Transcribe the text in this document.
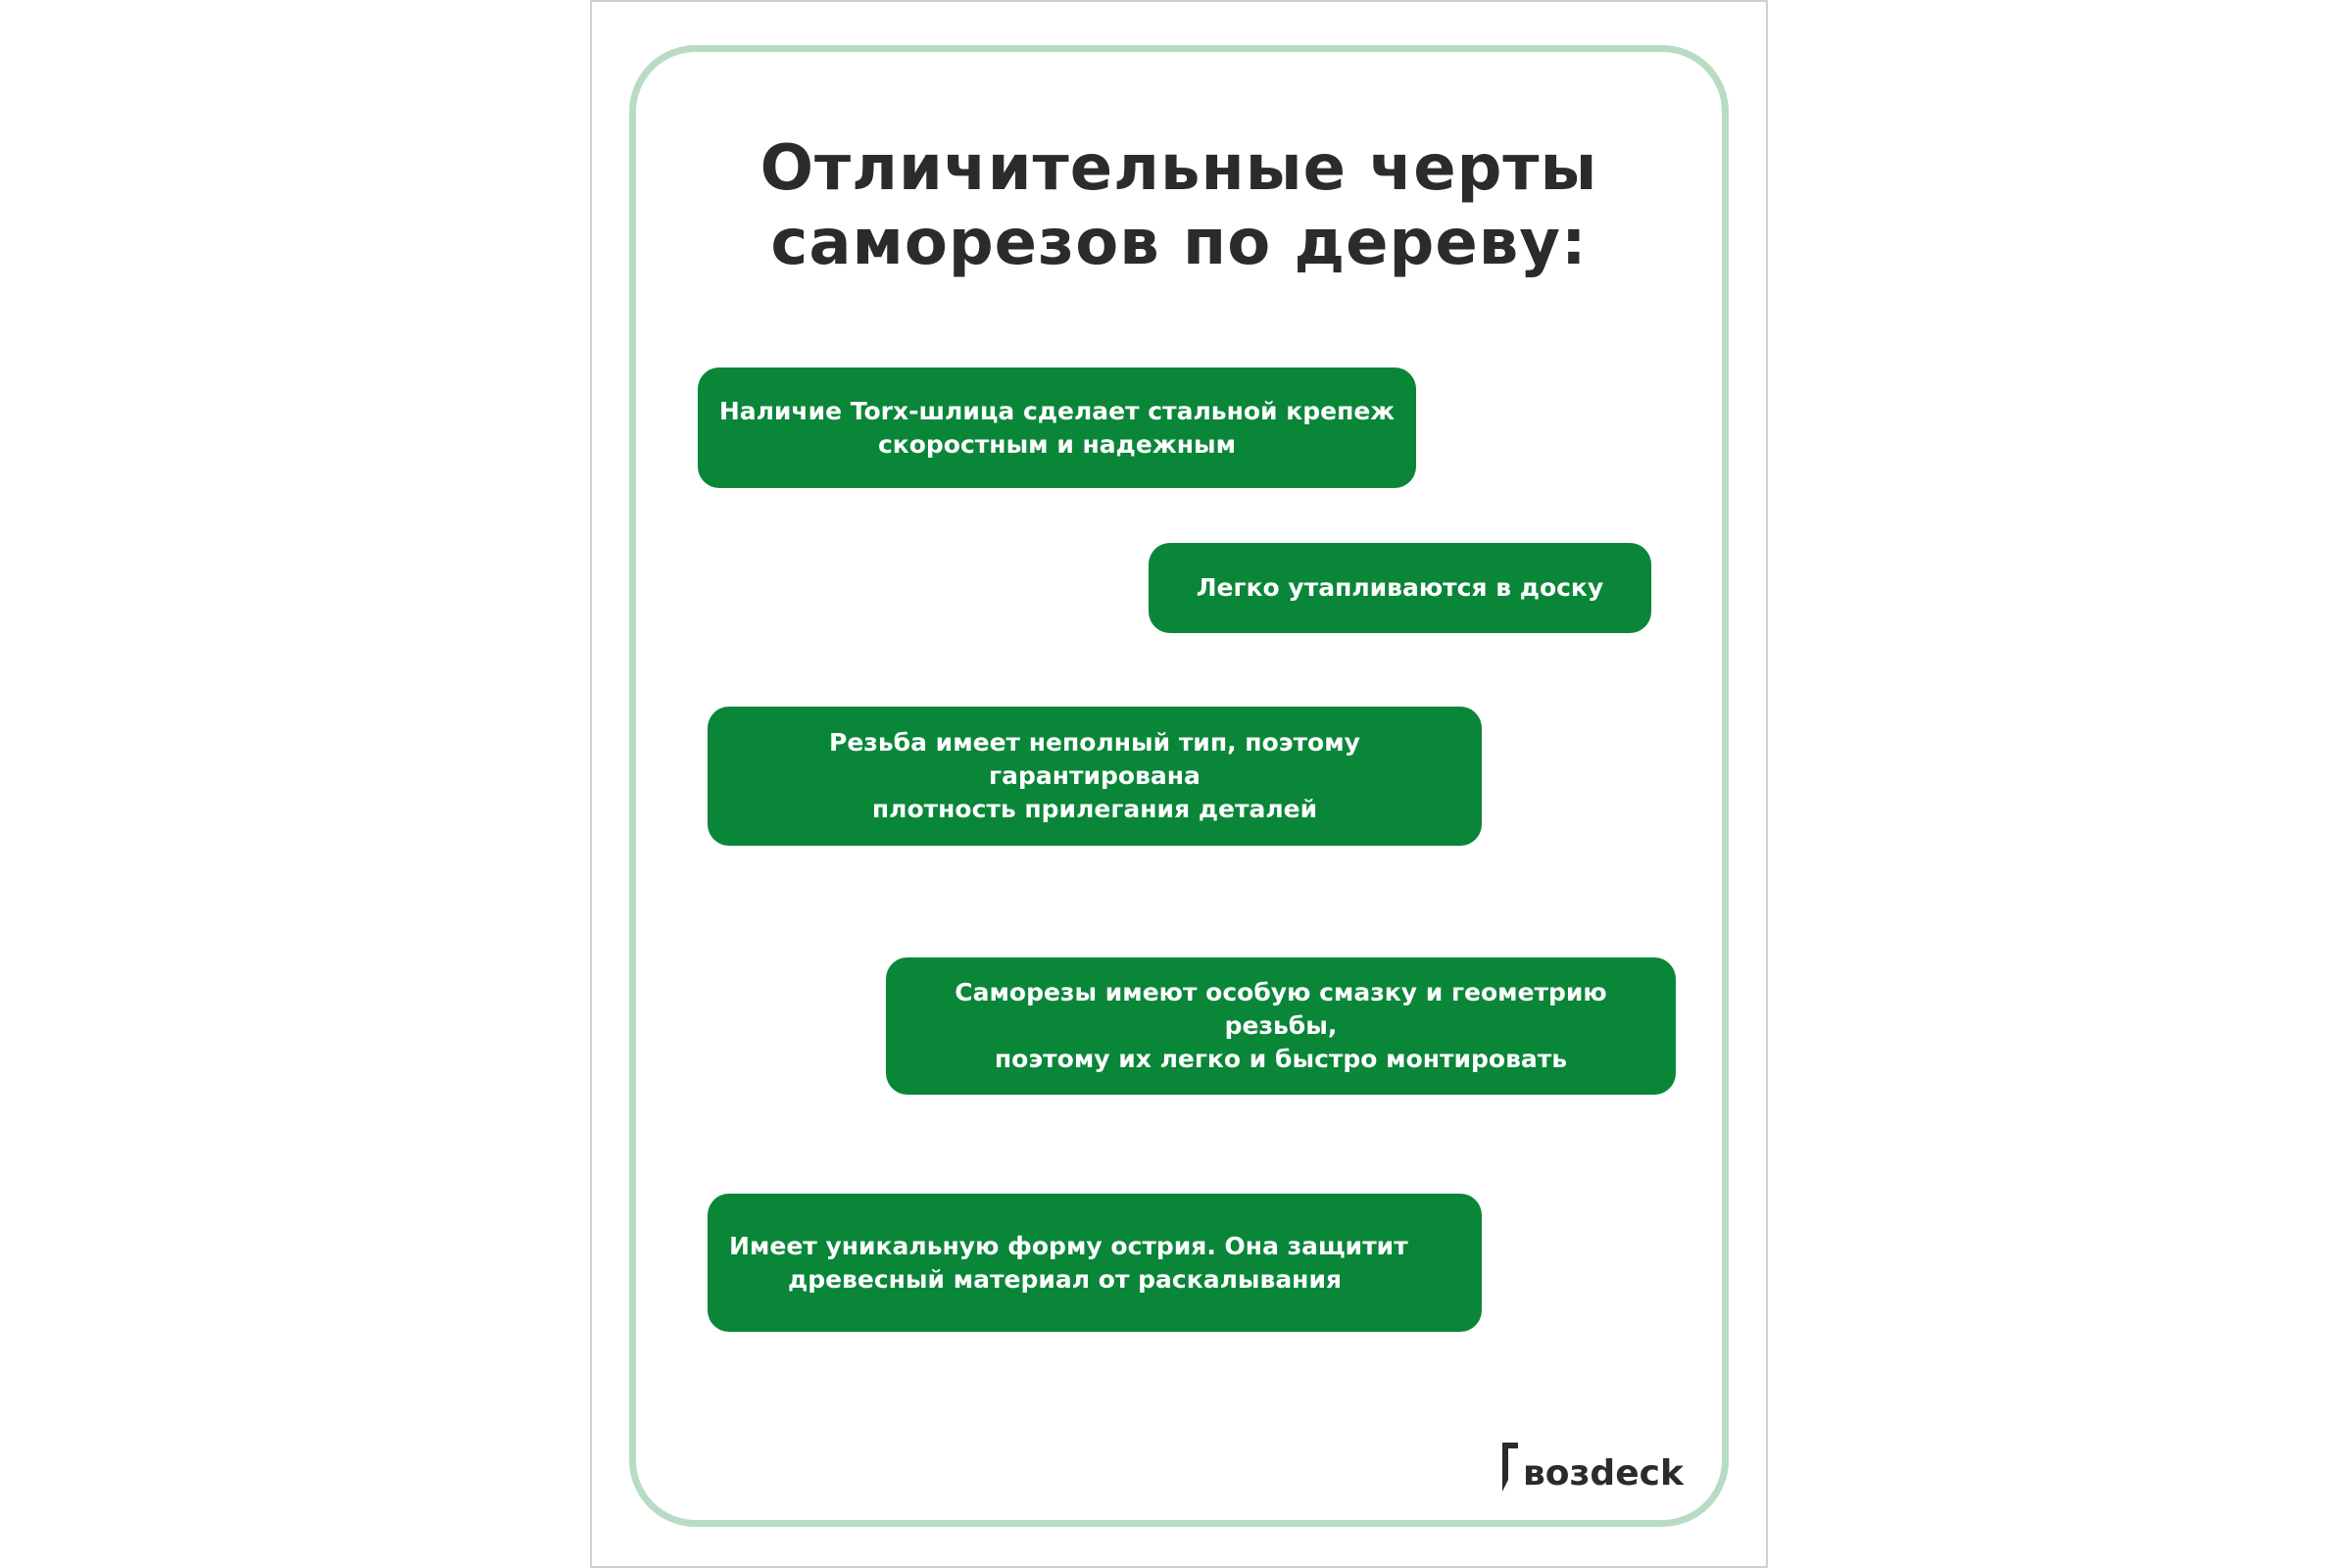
Отличительные черты
саморезов по дереву:
Наличие Torx-шлица сделает стальной крепеж
скоростным и надежным
Легко утапливаются в доску
Резьба имеет неполный тип, поэтому гарантирована
плотность прилегания деталей
Саморезы имеют особую смазку и геометрию резьбы,
поэтому их легко и быстро монтировать
Имеет уникальную форму острия. Она защитит
древесный материал от раскалывания
возdeck
